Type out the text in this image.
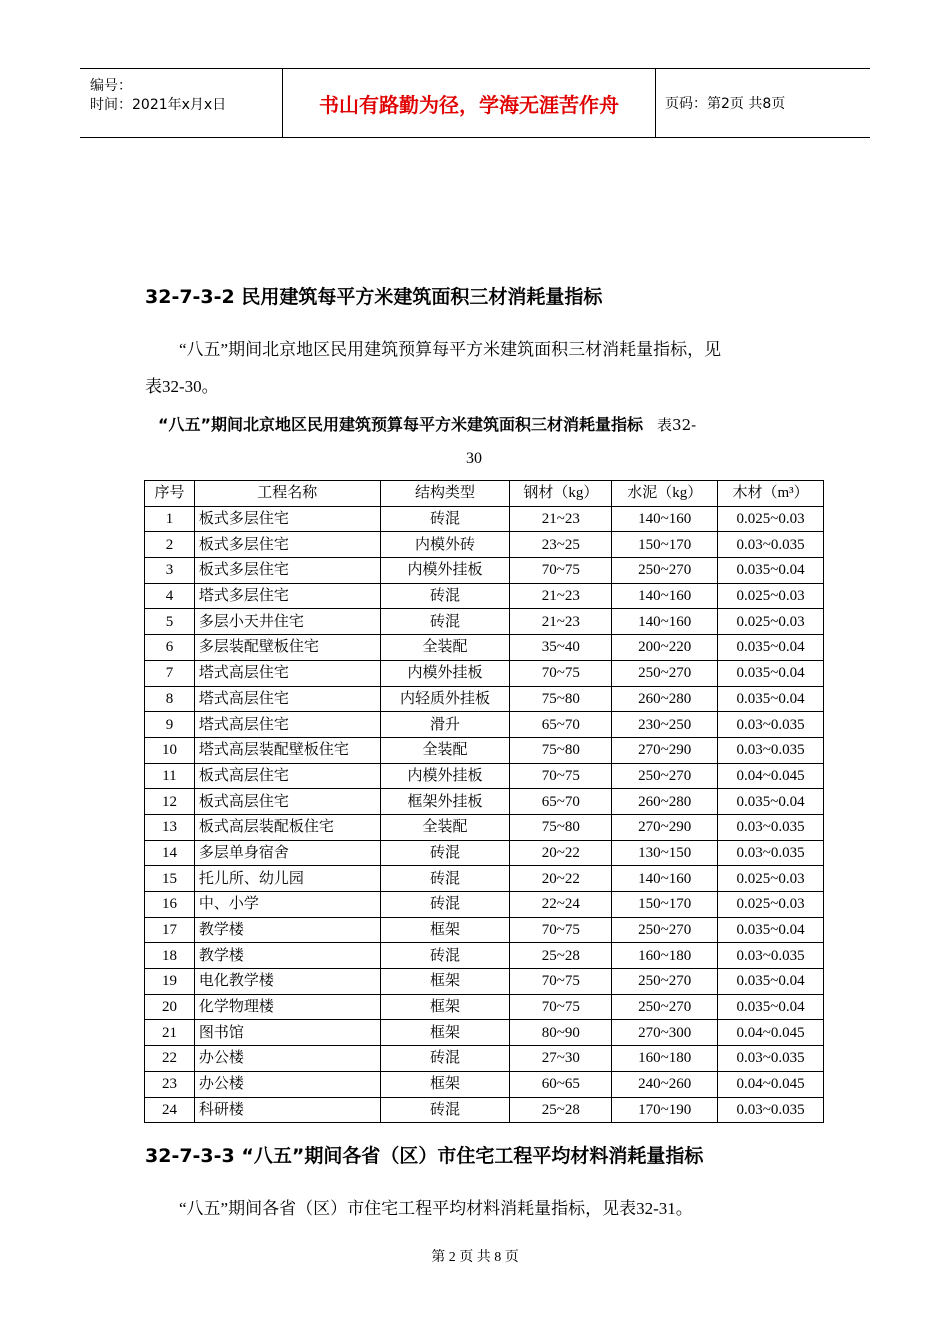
编号：
时间：2021年x月x日	书山有路勤为径，学海无涯苦作舟	页码：第2页 共8页
32-7-3-2 民用建筑每平方米建筑面积三材消耗量指标
“八五”期间北京地区民用建筑预算每平方米建筑面积三材消耗量指标，见
表32-30。
“八五”期间北京地区民用建筑预算每平方米建筑面积三材消耗量指标 表32-
30
序号	工程名称	结构类型	钢材（kg）	水泥（kg）	木材（m³）
1	板式多层住宅	砖混	21~23	140~160	0.025~0.03
2	板式多层住宅	内模外砖	23~25	150~170	0.03~0.035
3	板式多层住宅	内模外挂板	70~75	250~270	0.035~0.04
4	塔式多层住宅	砖混	21~23	140~160	0.025~0.03
5	多层小天井住宅	砖混	21~23	140~160	0.025~0.03
6	多层装配壁板住宅	全装配	35~40	200~220	0.035~0.04
7	塔式高层住宅	内模外挂板	70~75	250~270	0.035~0.04
8	塔式高层住宅	内轻质外挂板	75~80	260~280	0.035~0.04
9	塔式高层住宅	滑升	65~70	230~250	0.03~0.035
10	塔式高层装配壁板住宅	全装配	75~80	270~290	0.03~0.035
11	板式高层住宅	内模外挂板	70~75	250~270	0.04~0.045
12	板式高层住宅	框架外挂板	65~70	260~280	0.035~0.04
13	板式高层装配板住宅	全装配	75~80	270~290	0.03~0.035
14	多层单身宿舍	砖混	20~22	130~150	0.03~0.035
15	托儿所、幼儿园	砖混	20~22	140~160	0.025~0.03
16	中、小学	砖混	22~24	150~170	0.025~0.03
17	教学楼	框架	70~75	250~270	0.035~0.04
18	教学楼	砖混	25~28	160~180	0.03~0.035
19	电化教学楼	框架	70~75	250~270	0.035~0.04
20	化学物理楼	框架	70~75	250~270	0.035~0.04
21	图书馆	框架	80~90	270~300	0.04~0.045
22	办公楼	砖混	27~30	160~180	0.03~0.035
23	办公楼	框架	60~65	240~260	0.04~0.045
24	科研楼	砖混	25~28	170~190	0.03~0.035
32-7-3-3 “八五”期间各省（区）市住宅工程平均材料消耗量指标
“八五”期间各省（区）市住宅工程平均材料消耗量指标，见表32-31。
第 2 页 共 8 页
